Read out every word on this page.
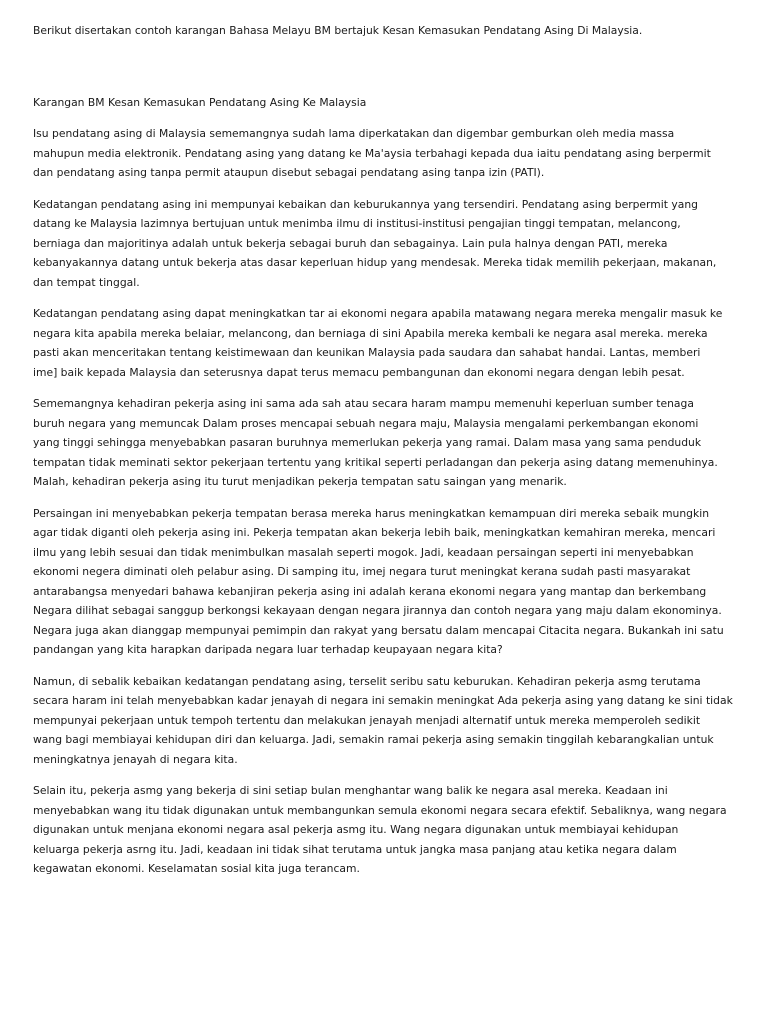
Berikut disertakan contoh karangan Bahasa Melayu BM bertajuk Kesan Kemasukan Pendatang Asing Di Malaysia.

Karangan BM Kesan Kemasukan Pendatang Asing Ke Malaysia

Isu pendatang asing di Malaysia sememangnya sudah lama diperkatakan dan digembar gemburkan oleh media massa
mahupun media elektronik. Pendatang asing yang datang ke Ma'aysia terbahagi kepada dua iaitu pendatang asing berpermit
dan pendatang asing tanpa permit ataupun disebut sebagai pendatang asing tanpa izin (PATI).

Kedatangan pendatang asing ini mempunyai kebaikan dan keburukannya yang tersendiri. Pendatang asing berpermit yang
datang ke Malaysia lazimnya bertujuan untuk menimba ilmu di institusi-institusi pengajian tinggi tempatan, melancong,
berniaga dan majoritinya adalah untuk bekerja sebagai buruh dan sebagainya. Lain pula halnya dengan PATI, mereka
kebanyakannya datang untuk bekerja atas dasar keperluan hidup yang mendesak. Mereka tidak memilih pekerjaan, makanan,
dan tempat tinggal.

Kedatangan pendatang asing dapat meningkatkan tar ai ekonomi negara apabila matawang negara mereka mengalir masuk ke
negara kita apabila mereka belaiar, melancong, dan berniaga di sini Apabila mereka kembali ke negara asal mereka. mereka
pasti akan menceritakan tentang keistimewaan dan keunikan Malaysia pada saudara dan sahabat handai. Lantas, memberi
ime] baik kepada Malaysia dan seterusnya dapat terus memacu pembangunan dan ekonomi negara dengan lebih pesat.

Sememangnya kehadiran pekerja asing ini sama ada sah atau secara haram mampu memenuhi keperluan sumber tenaga
buruh negara yang memuncak Dalam proses mencapai sebuah negara maju, Malaysia mengalami perkembangan ekonomi
yang tinggi sehingga menyebabkan pasaran buruhnya memerlukan pekerja yang ramai. Dalam masa yang sama penduduk
tempatan tidak meminati sektor pekerjaan tertentu yang kritikal seperti perladangan dan pekerja asing datang memenuhinya.
Malah, kehadiran pekerja asing itu turut menjadikan pekerja tempatan satu saingan yang menarik.

Persaingan ini menyebabkan pekerja tempatan berasa mereka harus meningkatkan kemampuan diri mereka sebaik mungkin
agar tidak diganti oleh pekerja asing ini. Pekerja tempatan akan bekerja lebih baik, meningkatkan kemahiran mereka, mencari
ilmu yang lebih sesuai dan tidak menimbulkan masalah seperti mogok. Jadi, keadaan persaingan seperti ini menyebabkan
ekonomi negera diminati oleh pelabur asing. Di samping itu, imej negara turut meningkat kerana sudah pasti masyarakat
antarabangsa menyedari bahawa kebanjiran pekerja asing ini adalah kerana ekonomi negara yang mantap dan berkembang
Negara dilihat sebagai sanggup berkongsi kekayaan dengan negara jirannya dan contoh negara yang maju dalam ekonominya.
Negara juga akan dianggap mempunyai pemimpin dan rakyat yang bersatu dalam mencapai Citacita negara. Bukankah ini satu
pandangan yang kita harapkan daripada negara luar terhadap keupayaan negara kita?

Namun, di sebalik kebaikan kedatangan pendatang asing, terselit seribu satu keburukan. Kehadiran pekerja asmg terutama
secara haram ini telah menyebabkan kadar jenayah di negara ini semakin meningkat Ada pekerja asing yang datang ke sini tidak
mempunyai pekerjaan untuk tempoh tertentu dan melakukan jenayah menjadi alternatif untuk mereka memperoleh sedikit
wang bagi membiayai kehidupan diri dan keluarga. Jadi, semakin ramai pekerja asing semakin tinggilah kebarangkalian untuk
meningkatnya jenayah di negara kita.

Selain itu, pekerja asmg yang bekerja di sini setiap bulan menghantar wang balik ke negara asal mereka. Keadaan ini
menyebabkan wang itu tidak digunakan untuk membangunkan semula ekonomi negara secara efektif. Sebaliknya, wang negara
digunakan untuk menjana ekonomi negara asal pekerja asmg itu. Wang negara digunakan untuk membiayai kehidupan
keluarga pekerja asrng itu. Jadi, keadaan ini tidak sihat terutama untuk jangka masa panjang atau ketika negara dalam
kegawatan ekonomi. Keselamatan sosial kita juga terancam.
